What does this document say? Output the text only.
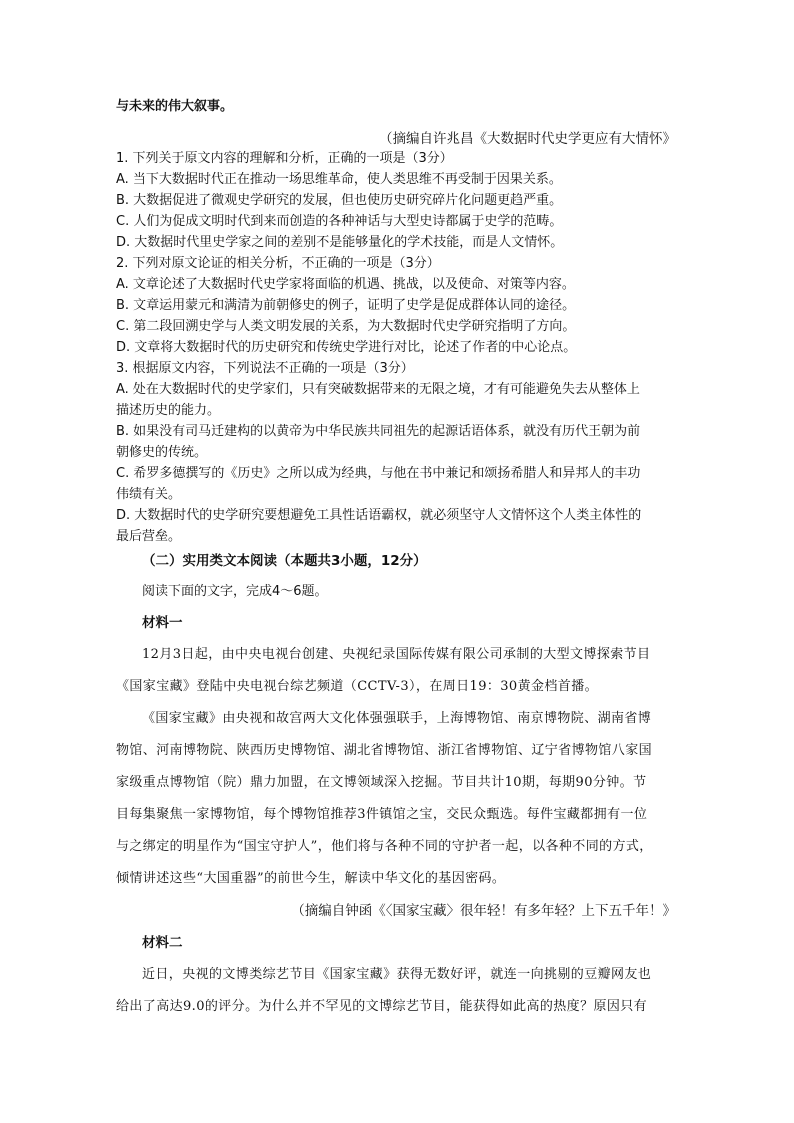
与未来的伟大叙事。
（摘编自许兆昌《大数据时代史学更应有大情怀》
1. 下列关于原文内容的理解和分析，正确的一项是（3分）
A. 当下大数据时代正在推动一场思维革命，使人类思维不再受制于因果关系。
B. 大数据促进了微观史学研究的发展，但也使历史研究碎片化问题更趋严重。
C. 人们为促成文明时代到来而创造的各种神话与大型史诗都属于史学的范畴。
D. 大数据时代里史学家之间的差别不是能够量化的学术技能，而是人文情怀。
2. 下列对原文论证的相关分析，不正确的一项是（3分）
A. 文章论述了大数据时代史学家将面临的机遇、挑战，以及使命、对策等内容。
B. 文章运用蒙元和满清为前朝修史的例子，证明了史学是促成群体认同的途径。
C. 第二段回溯史学与人类文明发展的关系，为大数据时代史学研究指明了方向。
D. 文章将大数据时代的历史研究和传统史学进行对比，论述了作者的中心论点。
3. 根据原文内容，下列说法不正确的一项是（3分）
A. 处在大数据时代的史学家们，只有突破数据带来的无限之境，才有可能避免失去从整体上
描述历史的能力。
B. 如果没有司马迁建构的以黄帝为中华民族共同祖先的起源话语体系，就没有历代王朝为前
朝修史的传统。
C. 希罗多德撰写的《历史》之所以成为经典，与他在书中兼记和颂扬希腊人和异邦人的丰功
伟绩有关。
D. 大数据时代的史学研究要想避免工具性话语霸权，就必须坚守人文情怀这个人类主体性的
最后营垒。
（二）实用类文本阅读（本题共3小题，12分）
阅读下面的文字，完成4～6题。
材料一
12月3日起，由中央电视台创建、央视纪录国际传媒有限公司承制的大型文博探索节目
《国家宝藏》登陆中央电视台综艺频道（CCTV-3），在周日19：30黄金档首播。
《国家宝藏》由央视和故宫两大文化体强强联手，上海博物馆、南京博物院、湖南省博
物馆、河南博物院、陕西历史博物馆、湖北省博物馆、浙江省博物馆、辽宁省博物馆八家国
家级重点博物馆（院）鼎力加盟，在文博领域深入挖掘。节目共计10期，每期90分钟。节
目每集聚焦一家博物馆，每个博物馆推荐3件镇馆之宝，交民众甄选。每件宝藏都拥有一位
与之绑定的明星作为“国宝守护人”，他们将与各种不同的守护者一起，以各种不同的方式，
倾情讲述这些“大国重器”的前世今生，解读中华文化的基因密码。
（摘编自钟函《〈国家宝藏〉很年轻！有多年轻？上下五千年！》
材料二
近日，央视的文博类综艺节目《国家宝藏》获得无数好评，就连一向挑剔的豆瓣网友也
给出了高达9.0的评分。为什么并不罕见的文博综艺节目，能获得如此高的热度？原因只有
